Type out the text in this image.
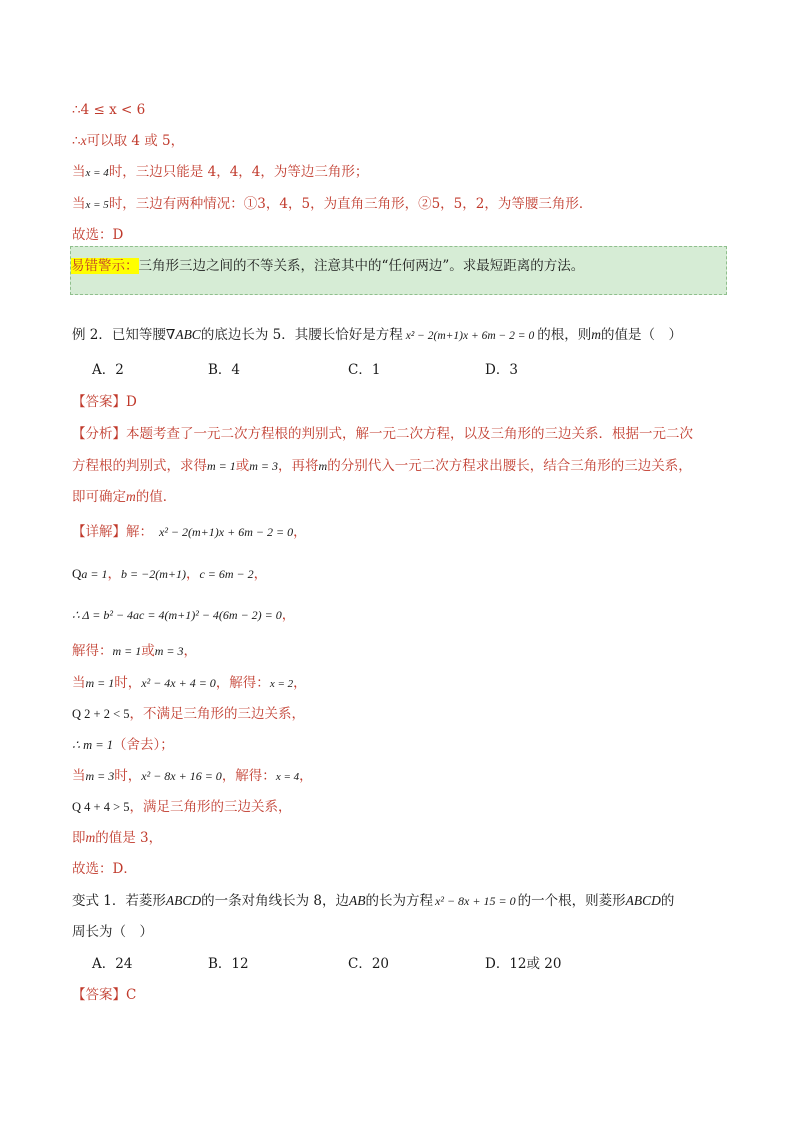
∴4 ≤ x < 6
∴x可以取 4 或 5，
当x = 4时，三边只能是 4，4，4，为等边三角形；
当x = 5时，三边有两种情况：①3，4，5，为直角三角形，②5，5，2，为等腰三角形．
故选：D
易错警示：三角形三边之间的不等关系，注意其中的“任何两边”。求最短距离的方法。
例 2．已知等腰∇ABC的底边长为 5．其腰长恰好是方程 x² − 2(m+1)x + 6m − 2 = 0 的根，则m的值是（　）
A．2	B．4	C．1	D．3
【答案】D
【分析】本题考查了一元二次方程根的判别式，解一元二次方程，以及三角形的三边关系．根据一元二次
方程根的判别式，求得m = 1或m = 3，再将m的分别代入一元二次方程求出腰长，结合三角形的三边关系，
即可确定m的值．
【详解】解： x² − 2(m+1)x + 6m − 2 = 0，
Qa = 1，b = −2(m+1)，c = 6m − 2，
∴ Δ = b² − 4ac = 4(m+1)² − 4(6m − 2) = 0，
解得：m = 1或m = 3，
当m = 1时，x² − 4x + 4 = 0，解得：x = 2，
Q 2 + 2 < 5，不满足三角形的三边关系，
∴ m = 1（舍去）；
当m = 3时，x² − 8x + 16 = 0，解得：x = 4，
Q 4 + 4 > 5，满足三角形的三边关系，
即m的值是 3，
故选：D．
变式 1．若菱形ABCD的一条对角线长为 8，边AB的长为方程 x² − 8x + 15 = 0 的一个根，则菱形ABCD的
周长为（　）
A．24	B．12	C．20	D．12或 20
【答案】C
